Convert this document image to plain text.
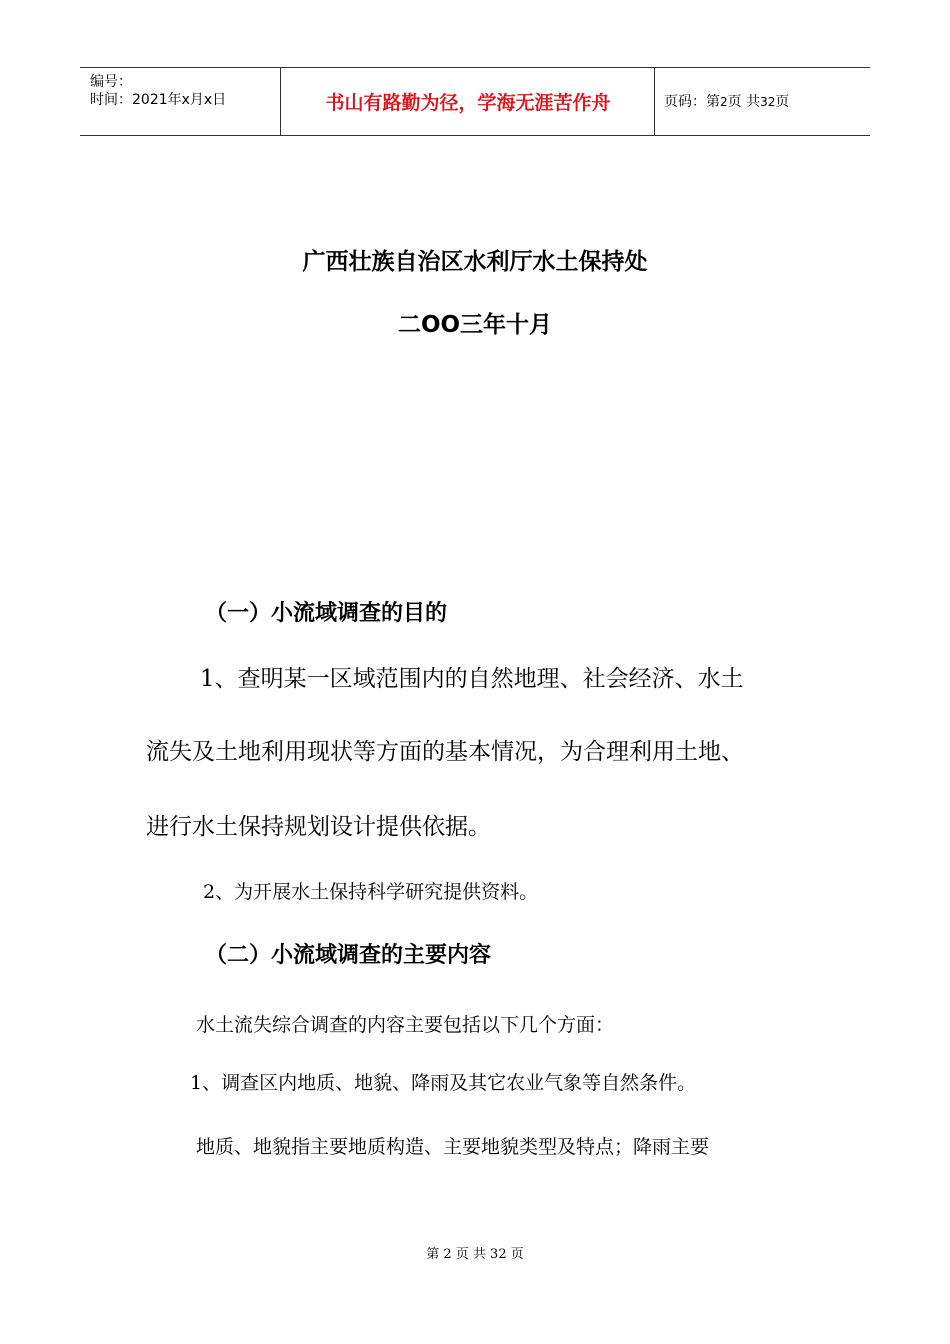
编号：
时间：2021年x月x日	书山有路勤为径，学海无涯苦作舟	页码：第2页 共32页
广西壮族自治区水利厅水土保持处
二OO三年十月
（一）小流域调查的目的
1、查明某一区域范围内的自然地理、社会经济、水土
流失及土地利用现状等方面的基本情况，为合理利用土地、
进行水土保持规划设计提供依据。
2、为开展水土保持科学研究提供资料。
（二）小流域调查的主要内容
水土流失综合调查的内容主要包括以下几个方面：
1、调查区内地质、地貌、降雨及其它农业气象等自然条件。
地质、地貌指主要地质构造、主要地貌类型及特点；降雨主要
第 2 页 共 32 页
